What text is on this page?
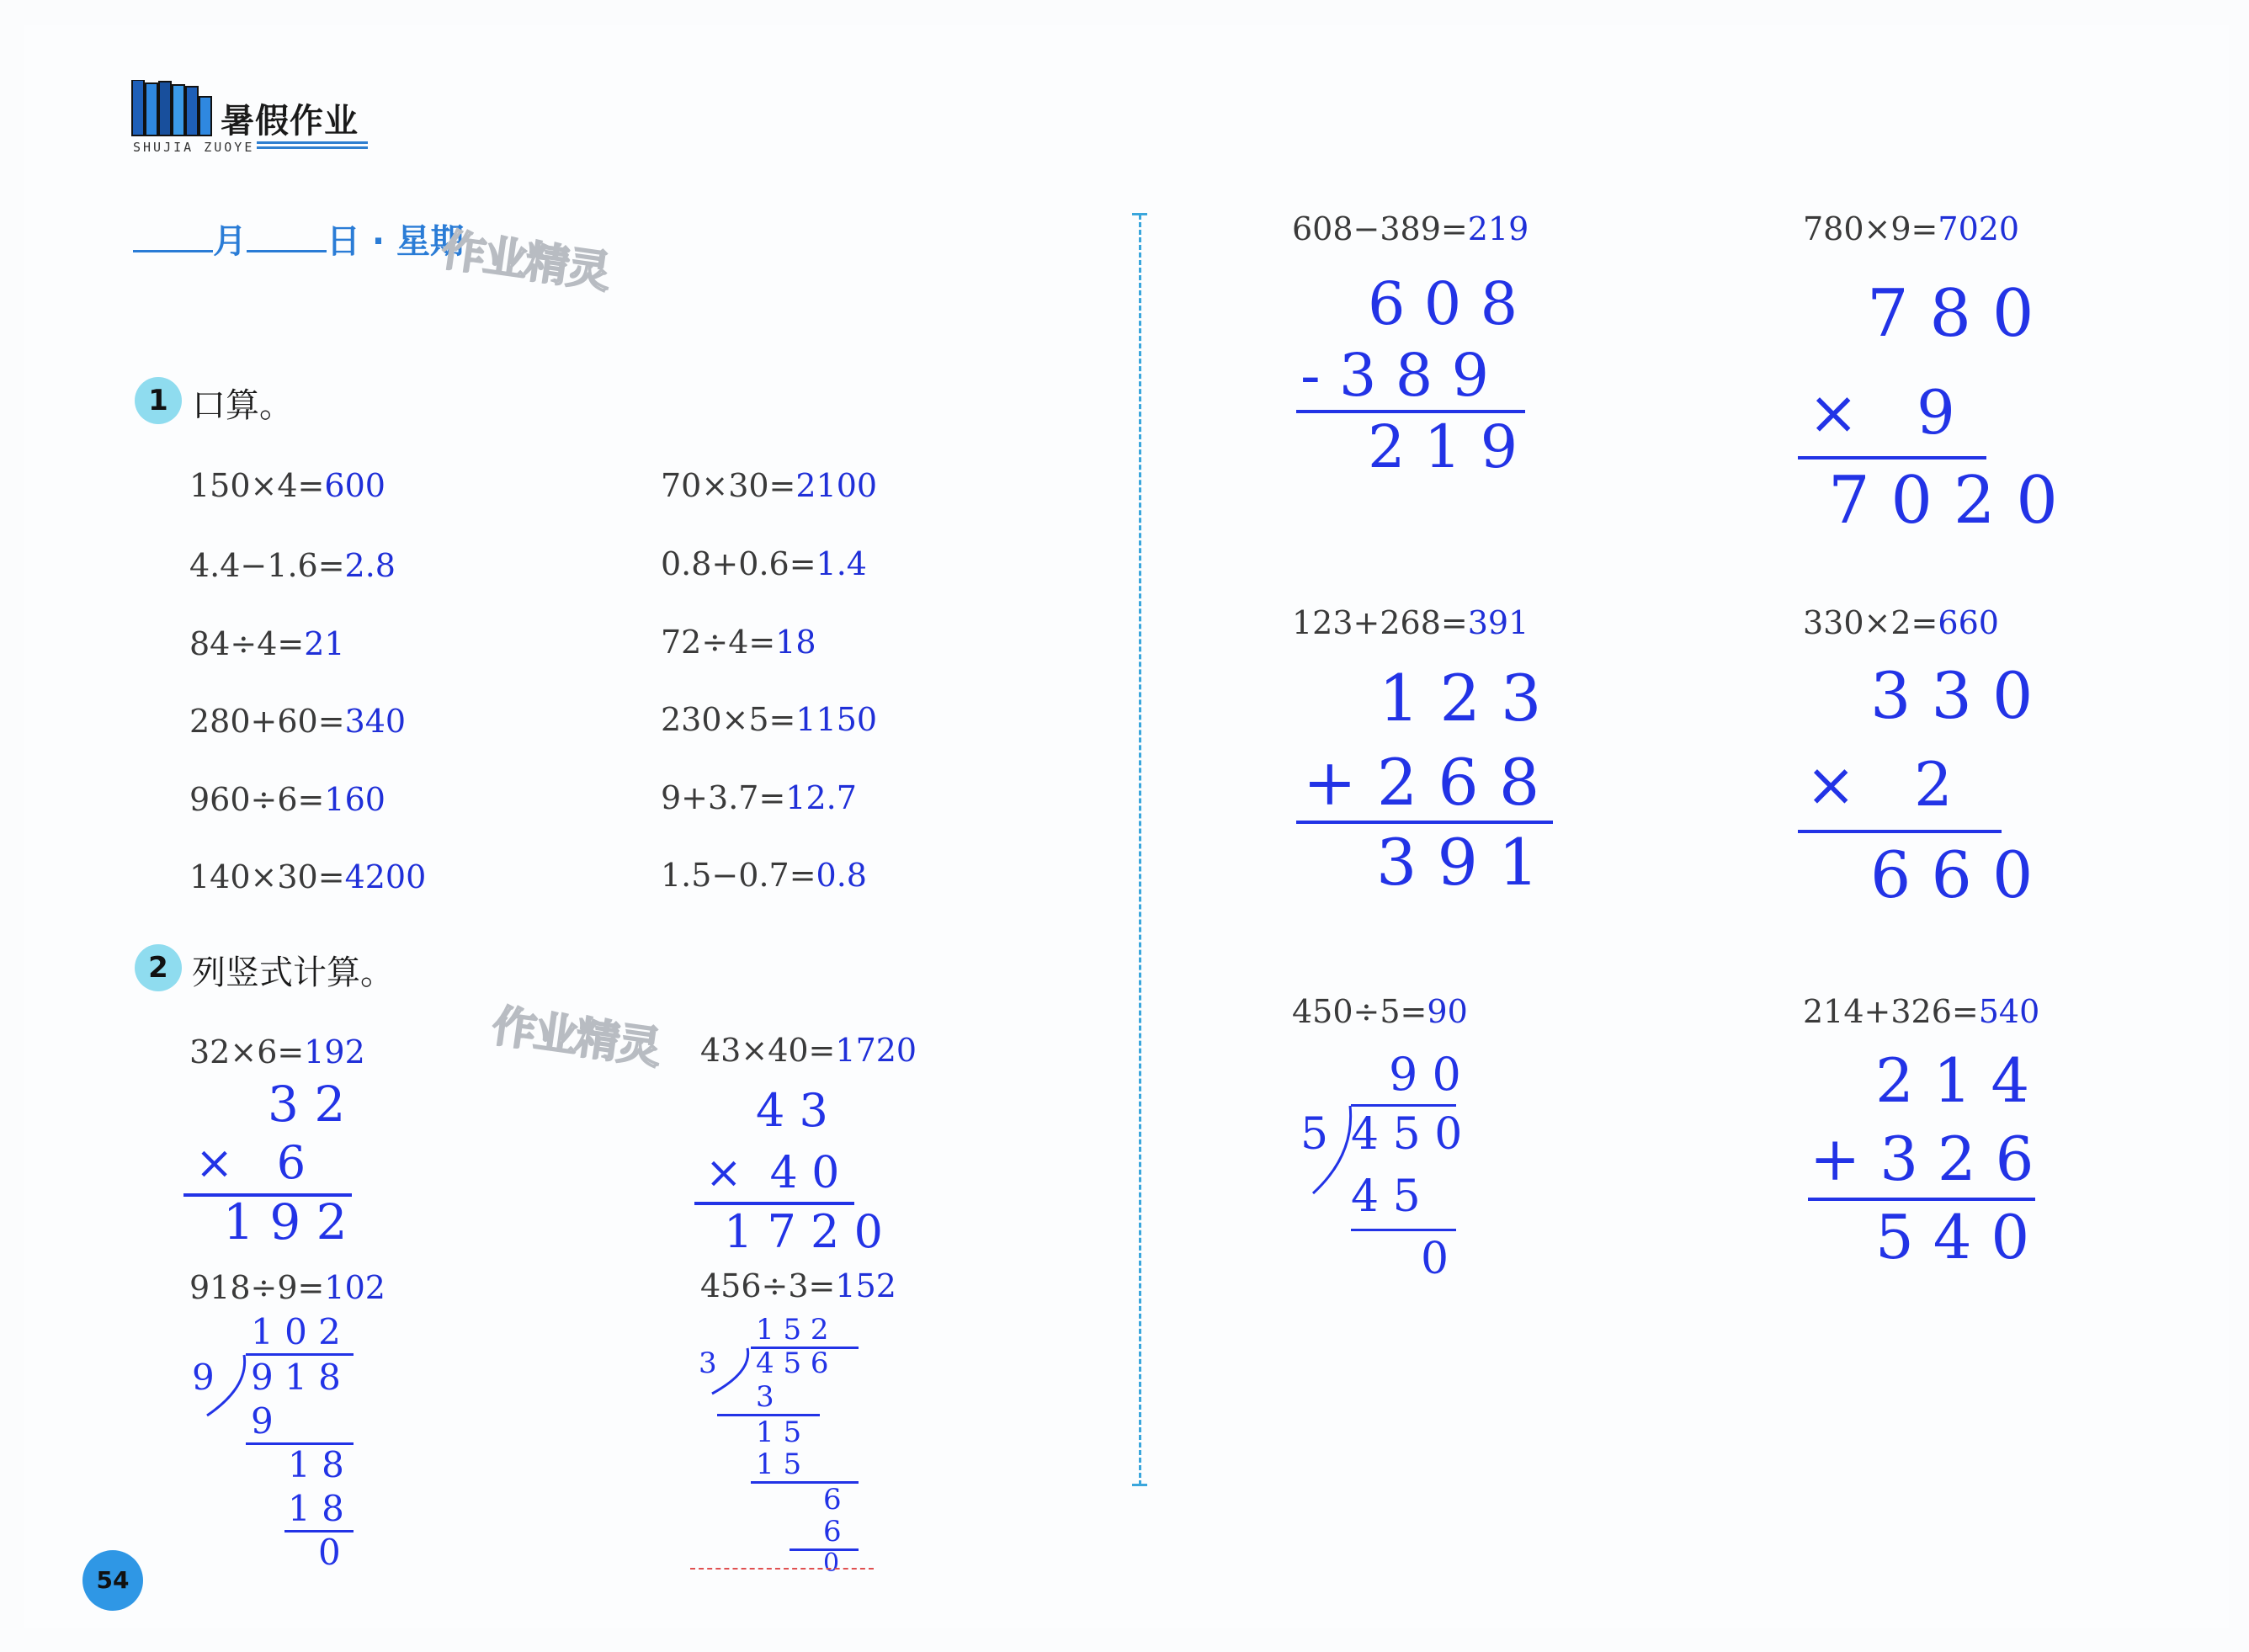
暑假作业
SHUJIA ZUOYE
月 日 · 星期
作业精灵
作业精灵
1 口算。
150×4=600	70×30=2100
4.4−1.6=2.8	0.8+0.6=1.4
84÷4=21	72÷4=18
280+60=340	230×5=1150
960÷6=160	9+3.7=12.7
140×30=4200	1.5−0.7=0.8
2 列竖式计算。
32×6=192
3 2
×   6
1 9 2
43×40=1720
4 3
×  4 0
1 7 2 0
918÷9=102
1 0 2
9 9 1 8
9
1 8
1 8
0
456÷3=152
1 5 2
3 4 5 6
3
1 5
1 5
6
6
0
608−389=219
6 0 8
- 3 8 9
2 1 9
780×9=7020
7 8 0
×   9
7 0 2 0
123+268=391
1 2 3
+ 2 6 8
3 9 1
330×2=660
3 3 0
×   2
6 6 0
450÷5=90
9 0
5 4 5 0
4 5
0
214+326=540
2 1 4
+ 3 2 6
5 4 0
54
